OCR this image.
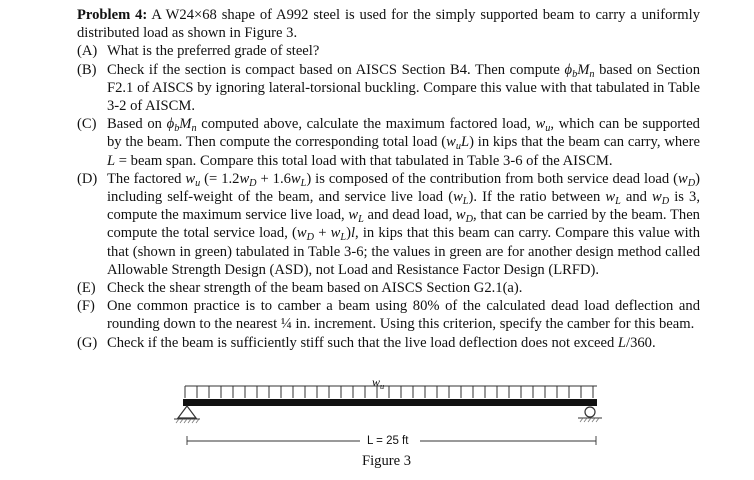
Problem 4: A W24×68 shape of A992 steel is used for the simply supported beam to carry a uniformly distributed load as shown in Figure 3.

(A) What is the preferred grade of steel?
(B) Check if the section is compact based on AISCS Section B4. Then compute $\phi_bM_n$ based on Section F2.1 of AISCS by ignoring lateral-torsional buckling. Compare this value with that tabulated in Table 3-2 of AISCM.
(C) Based on $\phi_bM_n$ computed above, calculate the maximum factored load, $w_u$, which can be supported by the beam. Then compute the corresponding total load $(w_uL)$ in kips that the beam can carry, where L = beam span. Compare this total load with that tabulated in Table 3-6 of the AISCM.
(D) The factored $w_u$ (= $1.2w_D + 1.6w_L$) is composed of the contribution from both service dead load $(w_D)$ including self-weight of the beam, and service live load $(w_L)$. If the ratio between $w_L$ and $w_D$ is 3, compute the maximum service live load, $w_L$ and dead load, $w_D$, that can be carried by the beam. Then compute the total service load, $(w_D + w_L)l$, in kips that this beam can carry. Compare this value with that (shown in green) tabulated in Table 3-6; the values in green are for another design method called Allowable Strength Design (ASD), not Load and Resistance Factor Design (LRFD).
(E) Check the shear strength of the beam based on AISCS Section G2.1(a).
(F) One common practice is to camber a beam using 80% of the calculated dead load deflection and rounding down to the nearest ¼ in. increment. Using this criterion, specify the camber for this beam.
(G) Check if the beam is sufficiently stiff such that the live load deflection does not exceed L/360.
$w_u$
L = 25 ft
Figure 3
